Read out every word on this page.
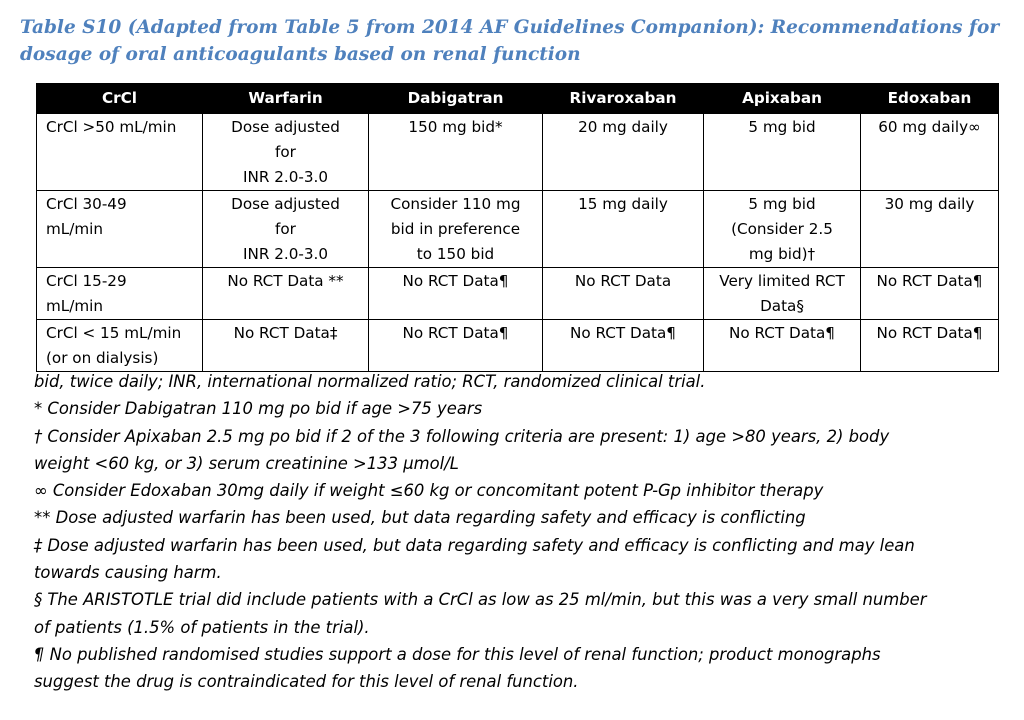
Table S10 (Adapted from Table 5 from 2014 AF Guidelines Companion): Recommendations for
dosage of oral anticoagulants based on renal function
CrCl	Warfarin	Dabigatran	Rivaroxaban	Apixaban	Edoxaban

CrCl >50 mL/min	Dose adjusted
for
INR 2.0-3.0	150 mg bid*	20 mg daily	5 mg bid	60 mg daily∞

CrCl 30-49
mL/min	Dose adjusted
for
INR 2.0-3.0	Consider 110 mg
bid in preference
to 150 bid	15 mg daily	5 mg bid
(Consider 2.5
mg bid)†	30 mg daily

CrCl 15-29
mL/min	No RCT Data **	No RCT Data¶	No RCT Data	Very limited RCT
Data§	No RCT Data¶

CrCl < 15 mL/min
(or on dialysis)	No RCT Data‡	No RCT Data¶	No RCT Data¶	No RCT Data¶	No RCT Data¶
bid, twice daily; INR, international normalized ratio; RCT, randomized clinical trial.
* Consider Dabigatran 110 mg po bid if age >75 years
† Consider Apixaban 2.5 mg po bid if 2 of the 3 following criteria are present: 1) age >80 years, 2) body
weight <60 kg, or 3) serum creatinine >133 µmol/L
∞ Consider Edoxaban 30mg daily if weight ≤60 kg or concomitant potent P-Gp inhibitor therapy
** Dose adjusted warfarin has been used, but data regarding safety and efficacy is conflicting
‡ Dose adjusted warfarin has been used, but data regarding safety and efficacy is conflicting and may lean
towards causing harm.
§ The ARISTOTLE trial did include patients with a CrCl as low as 25 ml/min, but this was a very small number
of patients (1.5% of patients in the trial).
¶ No published randomised studies support a dose for this level of renal function; product monographs
suggest the drug is contraindicated for this level of renal function.
